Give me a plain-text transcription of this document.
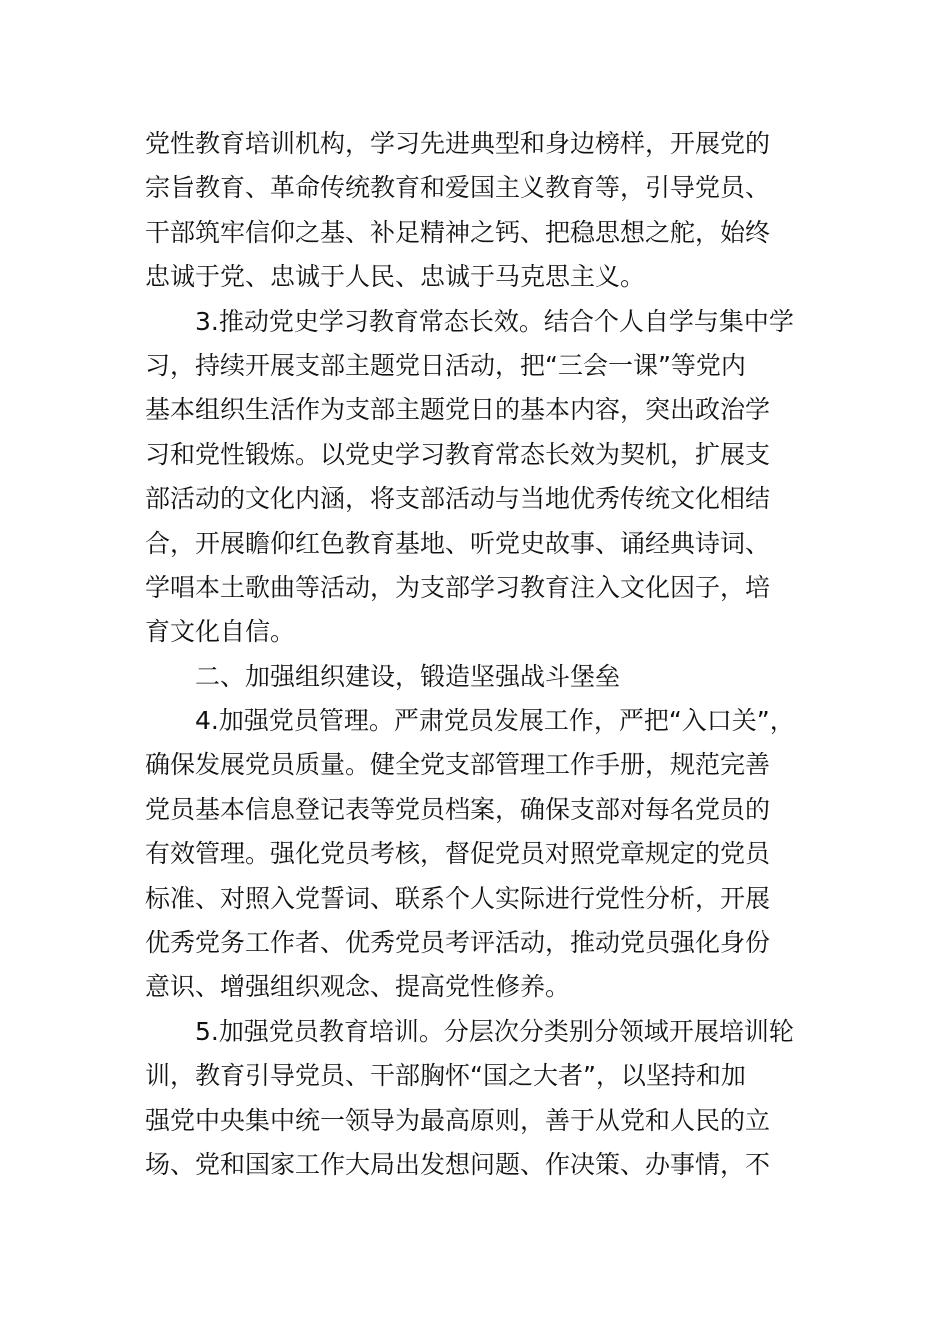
党性教育培训机构，学习先进典型和身边榜样，开展党的
宗旨教育、革命传统教育和爱国主义教育等，引导党员、
干部筑牢信仰之基、补足精神之钙、把稳思想之舵，始终
忠诚于党、忠诚于人民、忠诚于马克思主义。
3.推动党史学习教育常态长效。结合个人自学与集中学
习，持续开展支部主题党日活动，把“三会一课”等党内
基本组织生活作为支部主题党日的基本内容，突出政治学
习和党性锻炼。以党史学习教育常态长效为契机，扩展支
部活动的文化内涵，将支部活动与当地优秀传统文化相结
合，开展瞻仰红色教育基地、听党史故事、诵经典诗词、
学唱本土歌曲等活动，为支部学习教育注入文化因子，培
育文化自信。
二、加强组织建设，锻造坚强战斗堡垒
4.加强党员管理。严肃党员发展工作，严把“入口关”，
确保发展党员质量。健全党支部管理工作手册，规范完善
党员基本信息登记表等党员档案，确保支部对每名党员的
有效管理。强化党员考核，督促党员对照党章规定的党员
标准、对照入党誓词、联系个人实际进行党性分析，开展
优秀党务工作者、优秀党员考评活动，推动党员强化身份
意识、增强组织观念、提高党性修养。
5.加强党员教育培训。分层次分类别分领域开展培训轮
训，教育引导党员、干部胸怀“国之大者”，以坚持和加
强党中央集中统一领导为最高原则，善于从党和人民的立
场、党和国家工作大局出发想问题、作决策、办事情，不
